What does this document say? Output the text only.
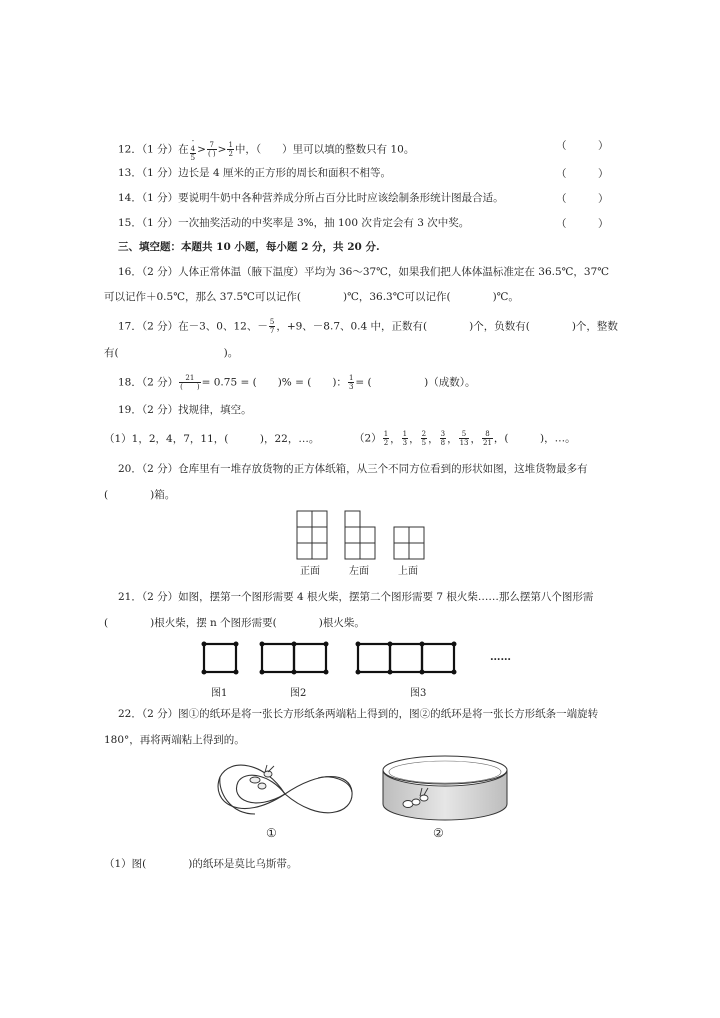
12．（1 分）在-
4
5
> $\frac{7}{( )} > \frac{1}{2}$ 中，（　　）里可以填的整数只有 10。	（　　　）
13．（1 分）边长是 4 厘米的正方形的周长和面积不相等。	（　　　）
14．（1 分）要说明牛奶中各种营养成分所占百分比时应该绘制条形统计图最合适。	（　　　）
15．（1 分）一次抽奖活动的中奖率是 3%，抽 100 次肯定会有 3 次中奖。	（　　　）
三、填空题：本题共 10 小题，每小题 2 分，共 20 分.
16．（2 分）人体正常体温（腋下温度）平均为 36～37℃，如果我们把人体体温标准定在 36.5℃，37℃
可以记作＋0.5℃，那么 37.5℃可以记作(　　　　)℃，36.3℃可以记作(　　　　)℃。
17．（2 分）在－3、0、12、－ $\frac{5}{7}$ ，+9、－8.7、0.4 中，正数有(　　　　)个，负数有(　　　　)个，整数
有(　　　　　　　　　　)。
18．（2 分） $\frac{21}{( )} = 0.75$ = (　　)% = (　　)： $\frac{1}{3}$ = (　　　　　)（成数）。
19．（2 分）找规律，填空。
（1）1，2，4，7，11，(　　　)，22，…。	$(2) \frac{1}{2}$ ， $\frac{1}{3}$ ， $\frac{2}{5}$ ， $\frac{3}{8}$ ， $\frac{5}{13}$ ， $\frac{8}{21}$ ，(　　　)，…。
20．（2 分）仓库里有一堆存放货物的正方体纸箱，从三个不同方位看到的形状如图，这堆货物最多有
(　　　　)箱。
正面	左面	上面
21．（2 分）如图，摆第一个图形需要 4 根火柴，摆第二个图形需要 7 根火柴……那么摆第八个图形需
(　　　　)根火柴，摆 n 个图形需要(　　　　)根火柴。
……
图1	图2	图3
22．（2 分）图①的纸环是将一张长方形纸条两端粘上得到的，图②的纸环是将一张长方形纸条一端旋转
180°，再将两端粘上得到的。
①	②
（1）图(　　　　)的纸环是莫比乌斯带。
